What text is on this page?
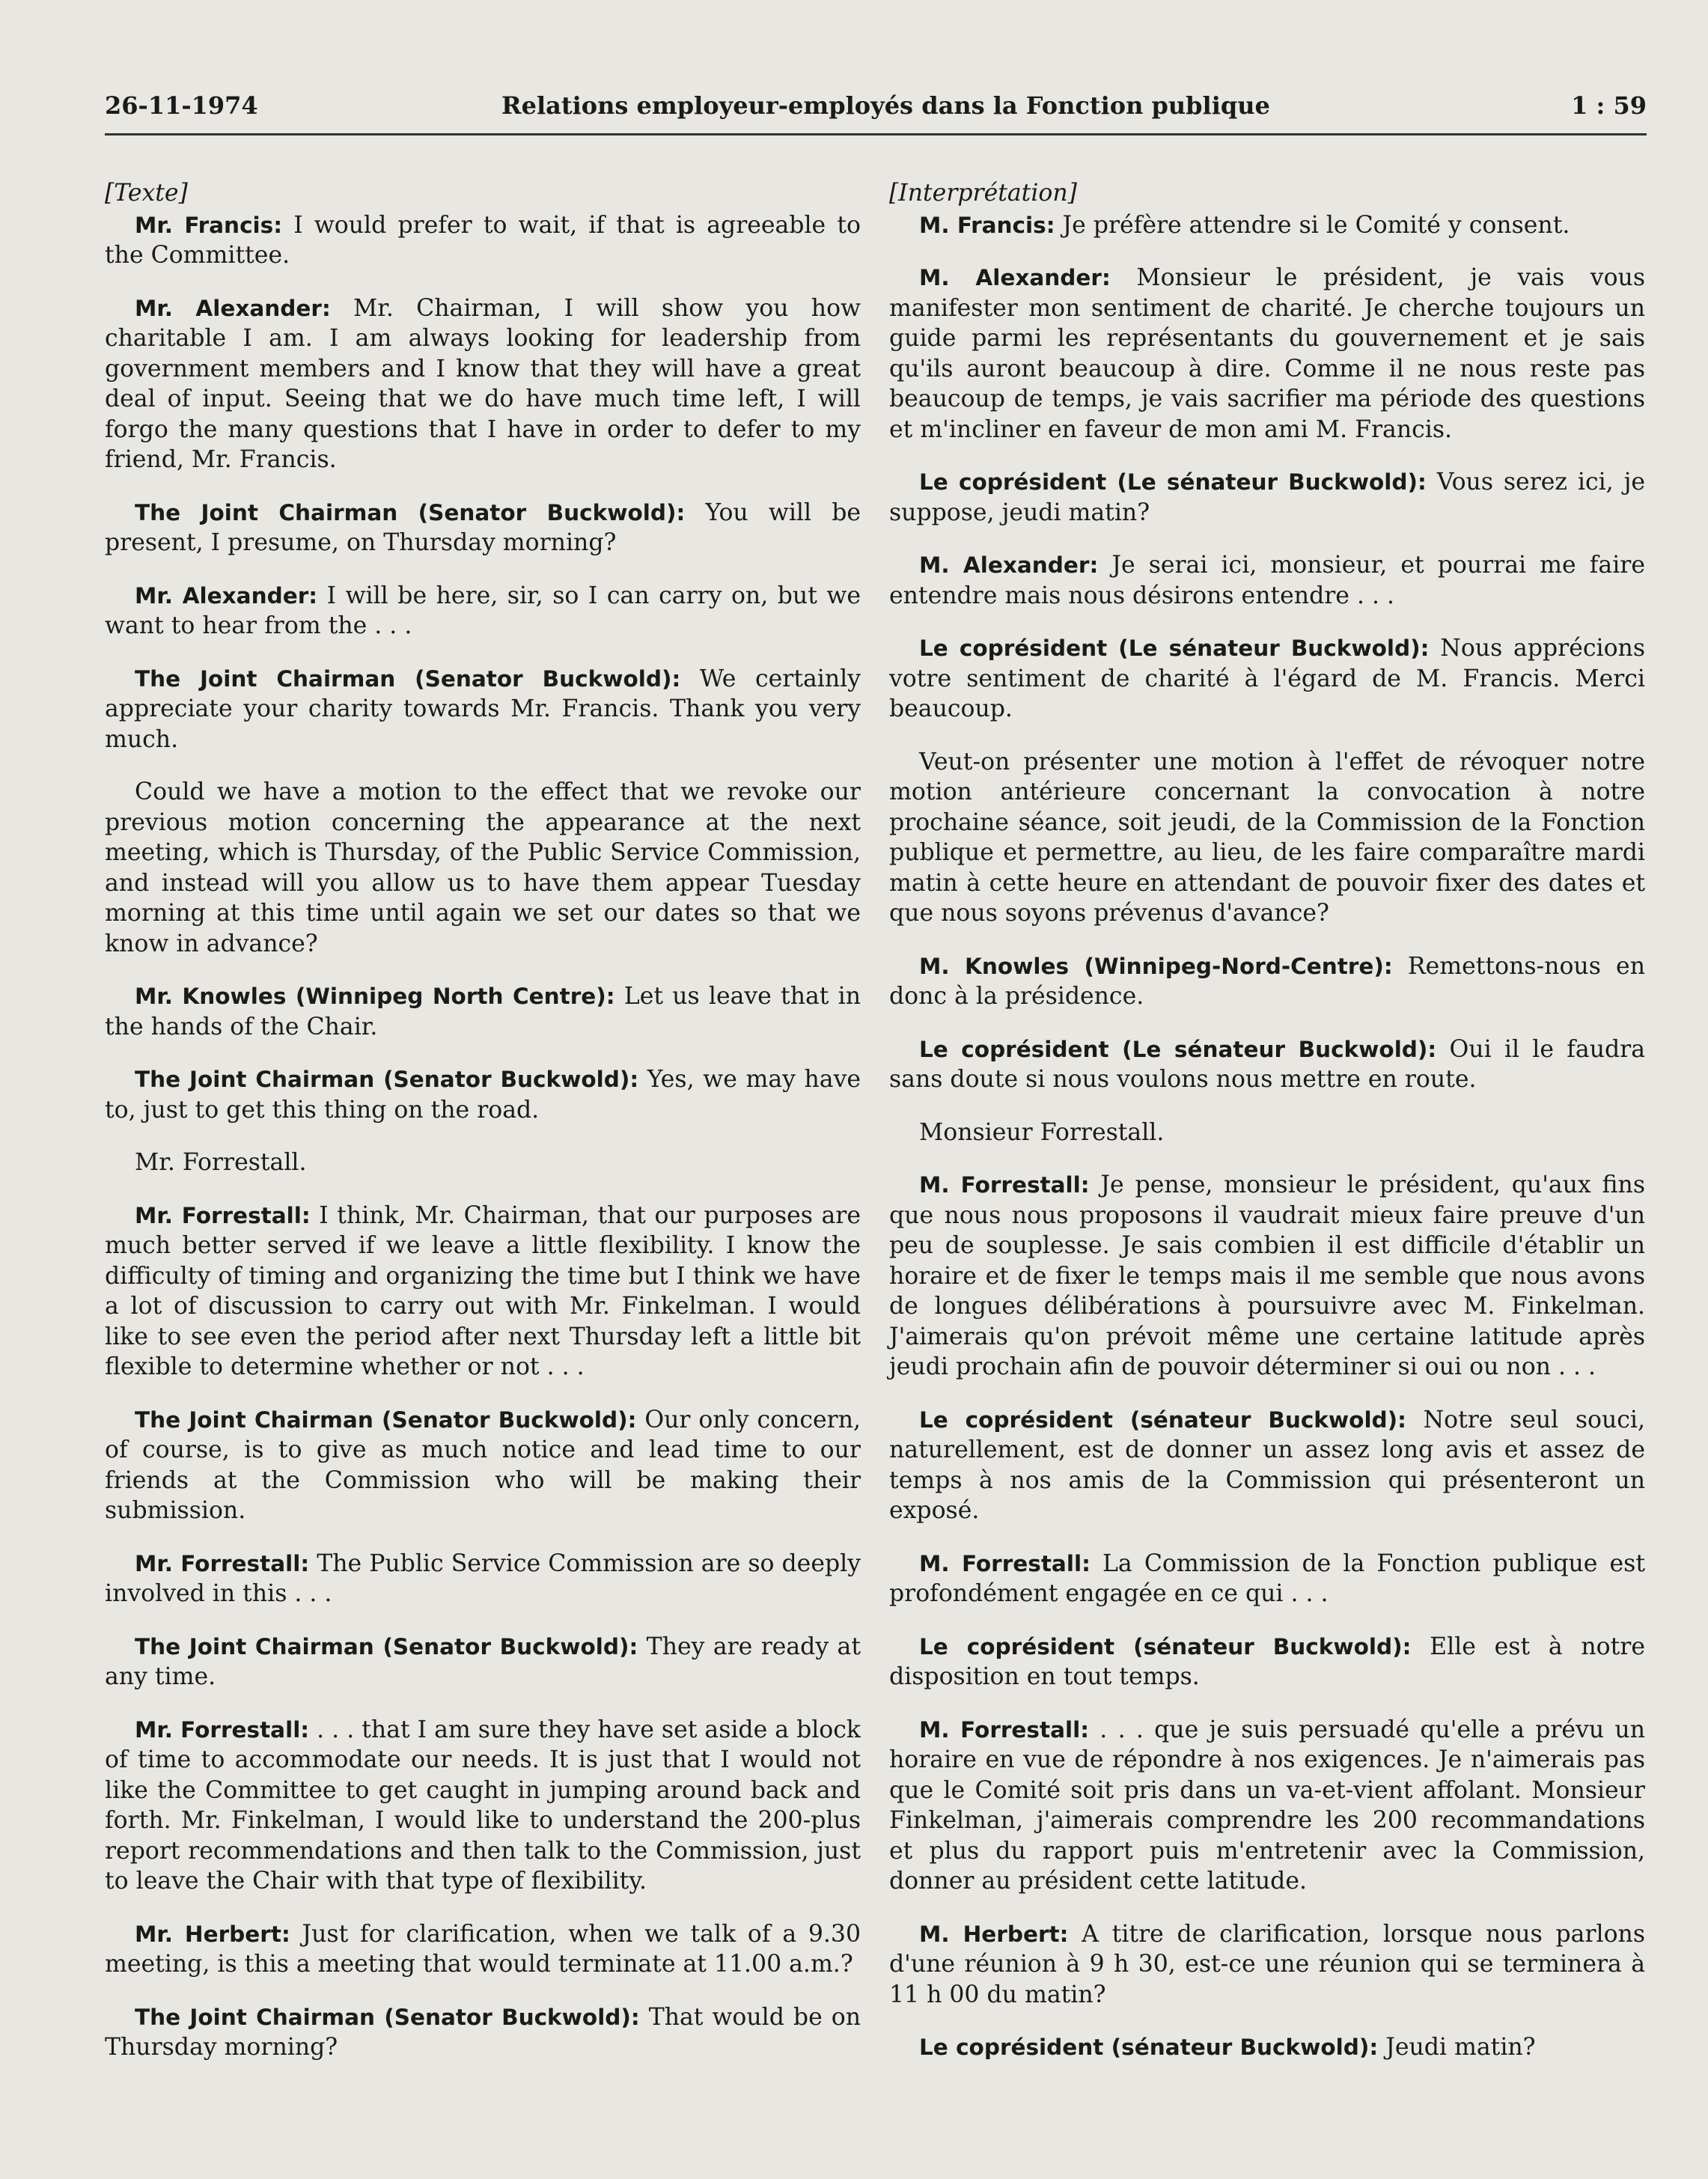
26-11-1974	Relations employeur-employés dans la Fonction publique	1 : 59
[Texte]

Mr. Francis: I would prefer to wait, if that is agreeable to the Committee.

Mr. Alexander: Mr. Chairman, I will show you how charitable I am. I am always looking for leadership from government members and I know that they will have a great deal of input. Seeing that we do have much time left, I will forgo the many questions that I have in order to defer to my friend, Mr. Francis.

The Joint Chairman (Senator Buckwold): You will be present, I presume, on Thursday morning?

Mr. Alexander: I will be here, sir, so I can carry on, but we want to hear from the . . .

The Joint Chairman (Senator Buckwold): We certainly appreciate your charity towards Mr. Francis. Thank you very much.

Could we have a motion to the effect that we revoke our previous motion concerning the appearance at the next meeting, which is Thursday, of the Public Service Commission, and instead will you allow us to have them appear Tuesday morning at this time until again we set our dates so that we know in advance?

Mr. Knowles (Winnipeg North Centre): Let us leave that in the hands of the Chair.

The Joint Chairman (Senator Buckwold): Yes, we may have to, just to get this thing on the road.

Mr. Forrestall.

Mr. Forrestall: I think, Mr. Chairman, that our purposes are much better served if we leave a little flexibility. I know the difficulty of timing and organizing the time but I think we have a lot of discussion to carry out with Mr. Finkelman. I would like to see even the period after next Thursday left a little bit flexible to determine whether or not . . .

The Joint Chairman (Senator Buckwold): Our only concern, of course, is to give as much notice and lead time to our friends at the Commission who will be making their submission.

Mr. Forrestall: The Public Service Commission are so deeply involved in this . . .

The Joint Chairman (Senator Buckwold): They are ready at any time.

Mr. Forrestall: . . . that I am sure they have set aside a block of time to accommodate our needs. It is just that I would not like the Committee to get caught in jumping around back and forth. Mr. Finkelman, I would like to understand the 200-plus report recommendations and then talk to the Commission, just to leave the Chair with that type of flexibility.

Mr. Herbert: Just for clarification, when we talk of a 9.30 meeting, is this a meeting that would terminate at 11.00 a.m.?

The Joint Chairman (Senator Buckwold): That would be on Thursday morning?

[Interprétation]

M. Francis: Je préfère attendre si le Comité y consent.

M. Alexander: Monsieur le président, je vais vous manifester mon sentiment de charité. Je cherche toujours un guide parmi les représentants du gouvernement et je sais qu'ils auront beaucoup à dire. Comme il ne nous reste pas beaucoup de temps, je vais sacrifier ma période des questions et m'incliner en faveur de mon ami M. Francis.

Le coprésident (Le sénateur Buckwold): Vous serez ici, je suppose, jeudi matin?

M. Alexander: Je serai ici, monsieur, et pourrai me faire entendre mais nous désirons entendre . . .

Le coprésident (Le sénateur Buckwold): Nous apprécions votre sentiment de charité à l'égard de M. Francis. Merci beaucoup.

Veut-on présenter une motion à l'effet de révoquer notre motion antérieure concernant la convocation à notre prochaine séance, soit jeudi, de la Commission de la Fonction publique et permettre, au lieu, de les faire comparaître mardi matin à cette heure en attendant de pouvoir fixer des dates et que nous soyons prévenus d'avance?

M. Knowles (Winnipeg-Nord-Centre): Remettons-nous en donc à la présidence.

Le coprésident (Le sénateur Buckwold): Oui il le faudra sans doute si nous voulons nous mettre en route.

Monsieur Forrestall.

M. Forrestall: Je pense, monsieur le président, qu'aux fins que nous nous proposons il vaudrait mieux faire preuve d'un peu de souplesse. Je sais combien il est difficile d'établir un horaire et de fixer le temps mais il me semble que nous avons de longues délibérations à poursuivre avec M. Finkelman. J'aimerais qu'on prévoit même une certaine latitude après jeudi prochain afin de pouvoir déterminer si oui ou non . . .

Le coprésident (sénateur Buckwold): Notre seul souci, naturellement, est de donner un assez long avis et assez de temps à nos amis de la Commission qui présenteront un exposé.

M. Forrestall: La Commission de la Fonction publique est profondément engagée en ce qui . . .

Le coprésident (sénateur Buckwold): Elle est à notre disposition en tout temps.

M. Forrestall: . . . que je suis persuadé qu'elle a prévu un horaire en vue de répondre à nos exigences. Je n'aimerais pas que le Comité soit pris dans un va-et-vient affolant. Monsieur Finkelman, j'aimerais comprendre les 200 recommandations et plus du rapport puis m'entretenir avec la Commission, donner au président cette latitude.

M. Herbert: A titre de clarification, lorsque nous parlons d'une réunion à 9 h 30, est-ce une réunion qui se terminera à 11 h 00 du matin?

Le coprésident (sénateur Buckwold): Jeudi matin?
